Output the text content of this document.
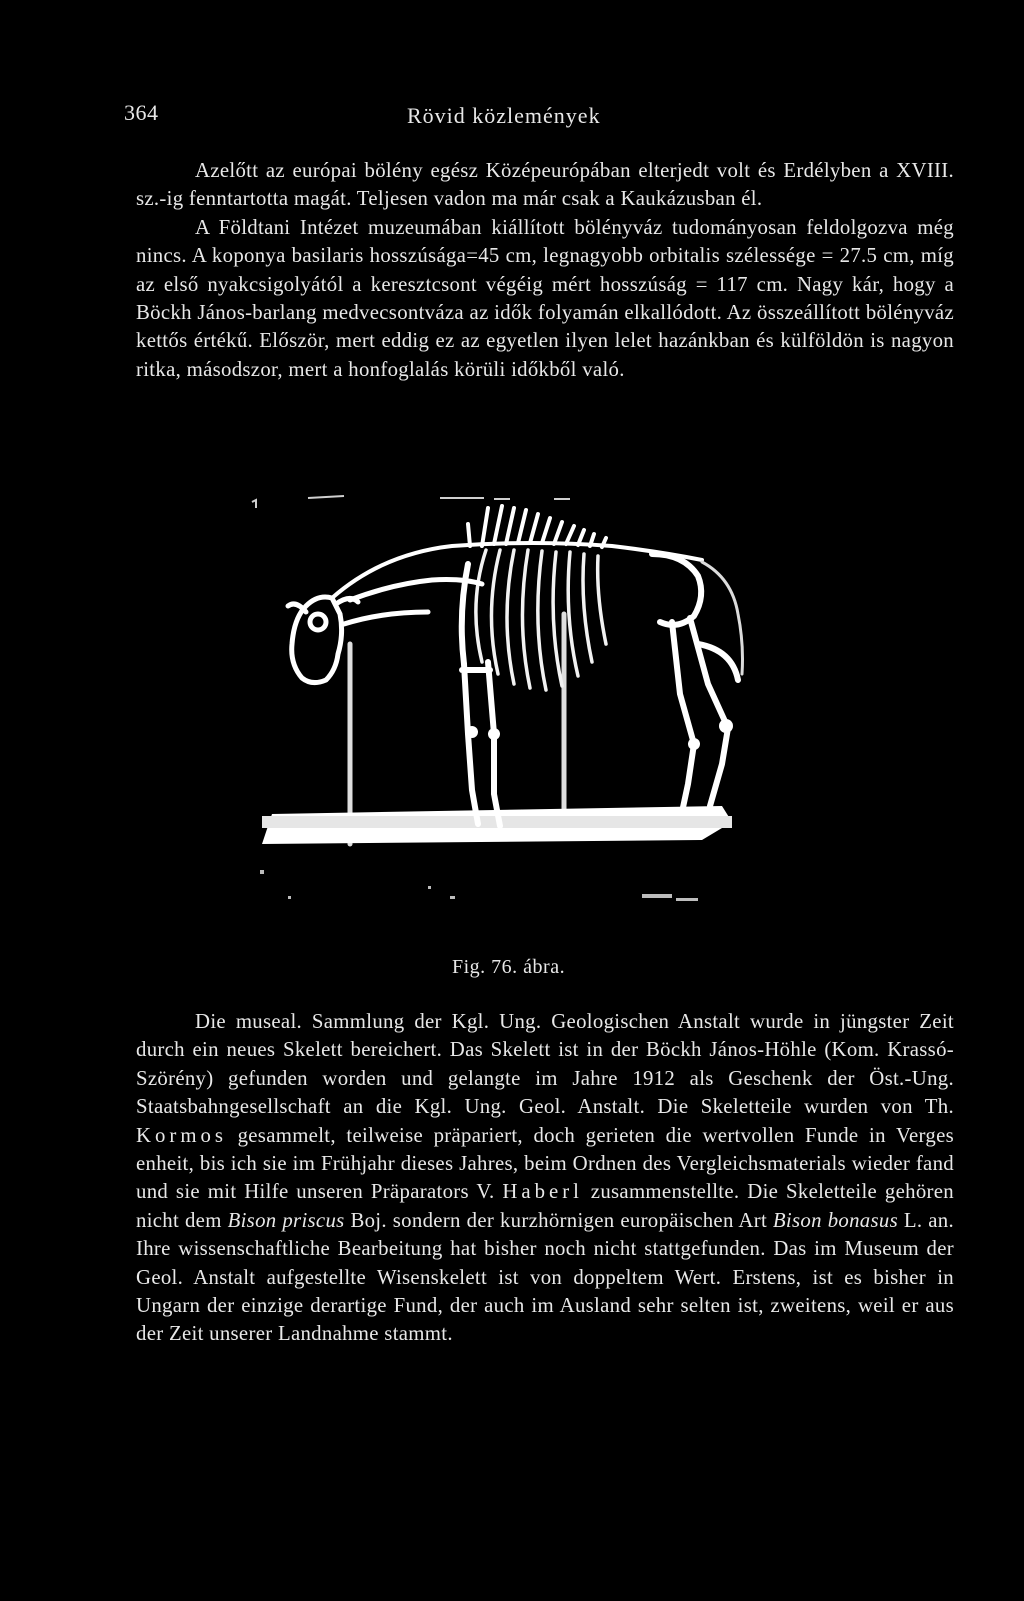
364	Rövid közlemények

Azelőtt az európai bölény egész Középeurópában elterjedt volt és Erdélyben a XVIII. sz.-ig fenntartotta magát. Teljesen vadon ma már csak a Kaukázusban él.

A Földtani Intézet muzeumában kiállított bölényváz tudományosan feldolgozva még nincs. A koponya basilaris hosszúsága=45 cm, legnagyobb orbitalis szélessége = 27.5 cm, míg az első nyakcsigolyától a keresztcsont végéig mért hosszúság = 117 cm. Nagy kár, hogy a Böckh János-barlang medvecsontváza az idők folyamán elkallódott. Az összeállított bölényváz kettős értékű. Először, mert eddig ez az egyetlen ilyen lelet hazánkban és külföldön is nagyon ritka, másodszor, mert a honfoglalás körüli időkből való.

Fig. 76. ábra.

Die museal. Sammlung der Kgl. Ung. Geologischen Anstalt wurde in jüngster Zeit durch ein neues Skelett bereichert. Das Skelett ist in der Böckh János-Höhle (Kom. Krassó-Szörény) gefunden worden und gelangte im Jahre 1912 als Geschenk der Öst.-Ung. Staatsbahngesellschaft an die Kgl. Ung. Geol. Anstalt. Die Skeletteile wurden von Th. Kormos gesammelt, teilweise präpariert, doch gerieten die wertvollen Funde in Verges enheit, bis ich sie im Frühjahr dieses Jahres, beim Ordnen des Vergleichsmaterials wieder fand und sie mit Hilfe unseren Präparators V. Haberl zusammenstellte. Die Skeletteile gehören nicht dem Bison priscus Boj. sondern der kurzhörnigen europäischen Art Bison bonasus L. an. Ihre wissenschaftliche Bearbeitung hat bisher noch nicht stattgefunden. Das im Museum der Geol. Anstalt aufgestellte Wisenskelett ist von doppeltem Wert. Erstens, ist es bisher in Ungarn der einzige derartige Fund, der auch im Ausland sehr selten ist, zweitens, weil er aus der Zeit unserer Landnahme stammt.
